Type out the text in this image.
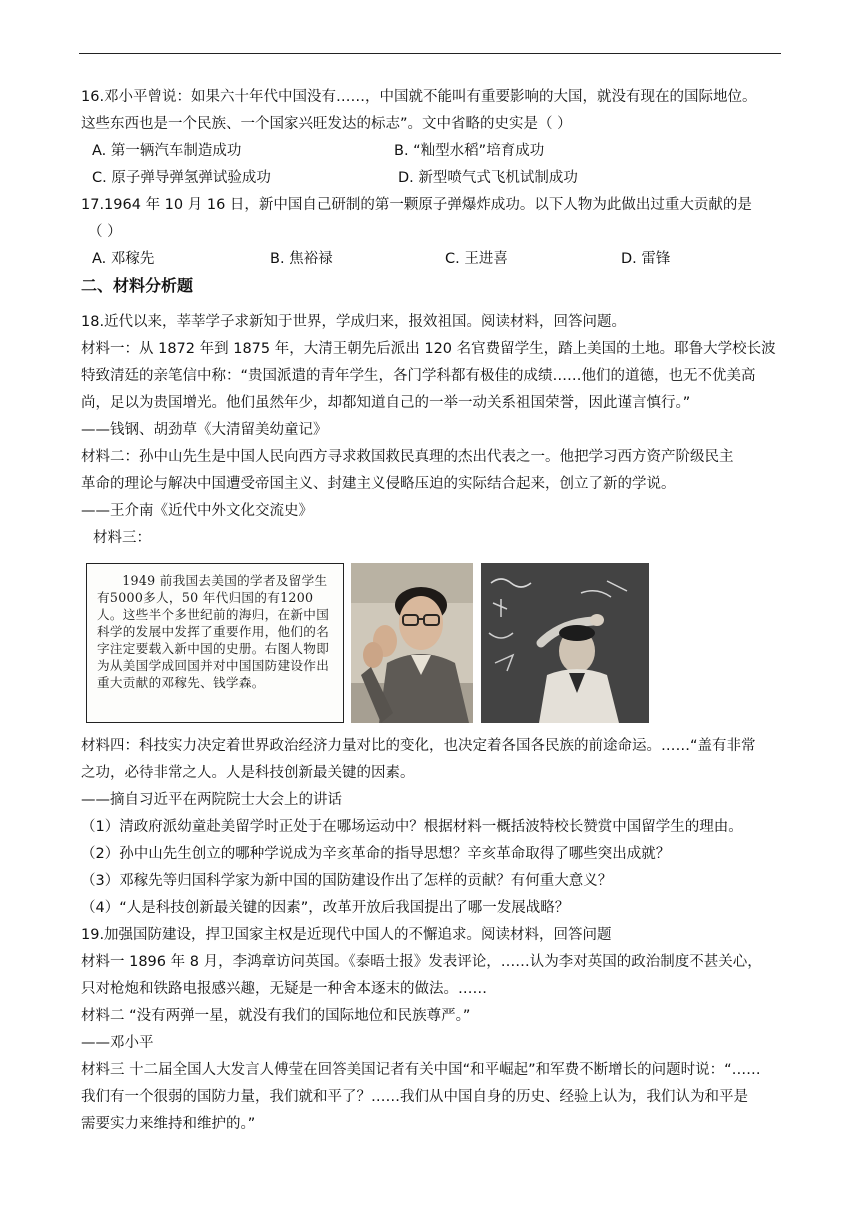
16.邓小平曾说：如果六十年代中国没有……，中国就不能叫有重要影响的大国，就没有现在的国际地位。
这些东西也是一个民族、一个国家兴旺发达的标志”。文中省略的史实是（ ）
A. 第一辆汽车制造成功	B. “籼型水稻”培育成功
C. 原子弹导弹氢弹试验成功	D. 新型喷气式飞机试制成功
17.1964 年 10 月 16 日，新中国自己研制的第一颗原子弹爆炸成功。以下人物为此做出过重大贡献的是
（ ）
A. 邓稼先	B. 焦裕禄	C. 王进喜	D. 雷锋
二、材料分析题
18.近代以来，莘莘学子求新知于世界，学成归来，报效祖国。阅读材料，回答问题。
材料一：从 1872 年到 1875 年，大清王朝先后派出 120 名官费留学生，踏上美国的土地。耶鲁大学校长波
特致清廷的亲笔信中称：“贵国派遣的青年学生，各门学科都有极佳的成绩……他们的道德，也无不优美高
尚，足以为贵国增光。他们虽然年少，却都知道自己的一举一动关系祖国荣誉，因此谨言慎行。”
——钱钢、胡劲草《大清留美幼童记》
材料二：孙中山先生是中国人民向西方寻求救国救民真理的杰出代表之一。他把学习西方资产阶级民主
革命的理论与解决中国遭受帝国主义、封建主义侵略压迫的实际结合起来，创立了新的学说。
——王介南《近代中外文化交流史》
材料三：
1949 前我国去美国的学者及留学生有5000多人，50 年代归国的有1200人。这些半个多世纪前的海归，在新中国科学的发展中发挥了重要作用，他们的名字注定要载入新中国的史册。右图人物即为从美国学成回国并对中国国防建设作出重大贡献的邓稼先、钱学森。
材料四：科技实力决定着世界政治经济力量对比的变化，也决定着各国各民族的前途命运。……“盖有非常
之功，必待非常之人。人是科技创新最关键的因素。
——摘自习近平在两院院士大会上的讲话
（1）清政府派幼童赴美留学时正处于在哪场运动中？根据材料一概括波特校长赞赏中国留学生的理由。
（2）孙中山先生创立的哪种学说成为辛亥革命的指导思想？辛亥革命取得了哪些突出成就？
（3）邓稼先等归国科学家为新中国的国防建设作出了怎样的贡献？有何重大意义？
（4）“人是科技创新最关键的因素”，改革开放后我国提出了哪一发展战略？
19.加强国防建设，捍卫国家主权是近现代中国人的不懈追求。阅读材料，回答问题
材料一 1896 年 8 月，李鸿章访问英国。《泰晤士报》发表评论，……认为李对英国的政治制度不甚关心，
只对枪炮和铁路电报感兴趣，无疑是一种舍本逐末的做法。……
材料二 “没有两弹一星，就没有我们的国际地位和民族尊严。”
——邓小平
材料三 十二届全国人大发言人傅莹在回答美国记者有关中国“和平崛起”和军费不断增长的问题时说：“……
我们有一个很弱的国防力量，我们就和平了？……我们从中国自身的历史、经验上认为，我们认为和平是
需要实力来维持和维护的。”
